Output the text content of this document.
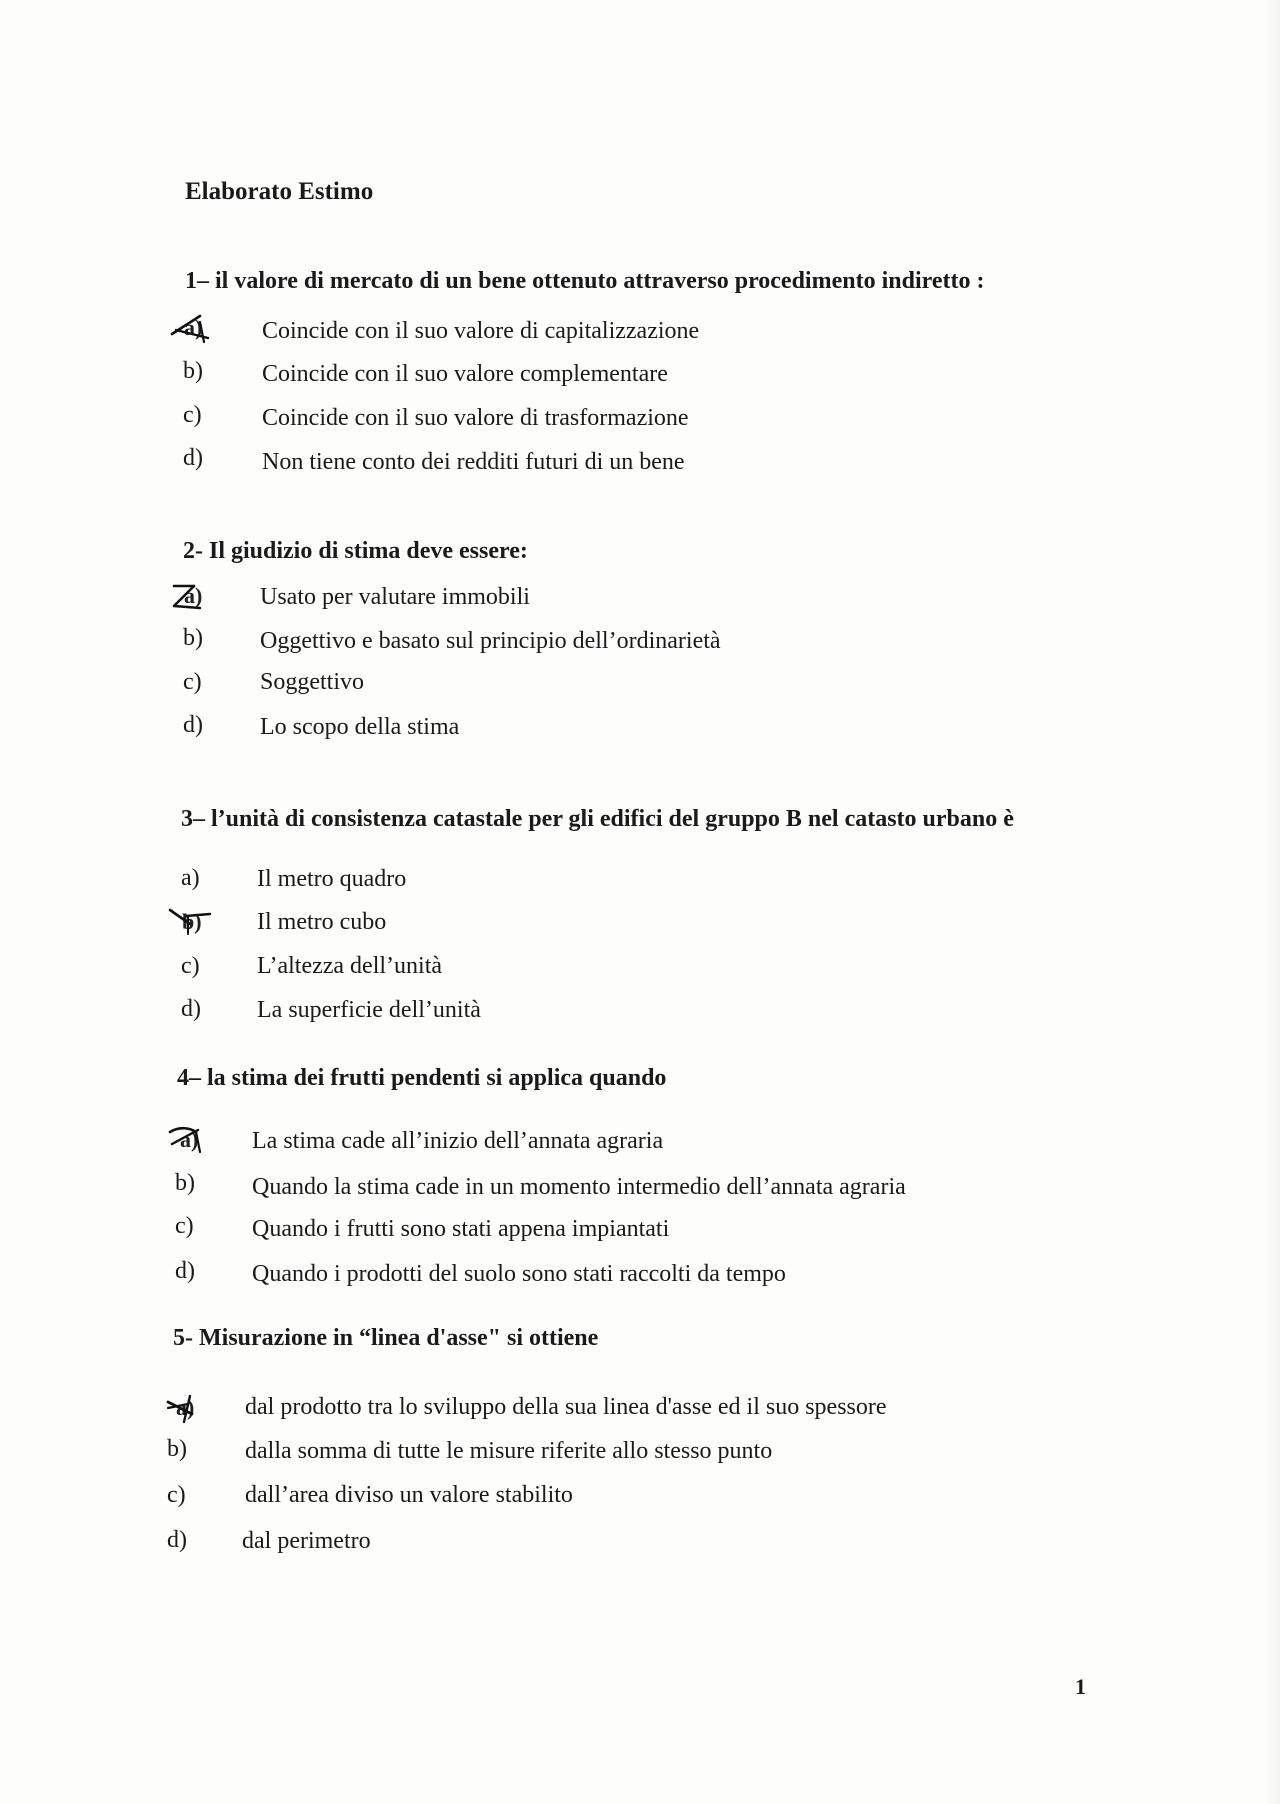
Elaborato Estimo
1– il valore di mercato di un bene ottenuto attraverso procedimento indiretto :
a) Coincide con il suo valore di capitalizzazione
b) Coincide con il suo valore complementare
c)	Coincide con il suo valore di trasformazione
d) Non tiene conto dei redditi futuri di un bene
2- Il giudizio di stima deve essere:
a) Usato per valutare immobili
b) Oggettivo e basato sul principio dell’ordinarietà
c) Soggettivo
d) Lo scopo della stima
3– l’unità di consistenza catastale per gli edifici del gruppo B nel catasto urbano è
a) Il metro quadro
b) Il metro cubo
c) L’altezza dell’unità
d) La superficie dell’unità
4– la stima dei frutti pendenti si applica quando
a) La stima cade all’inizio dell’annata agraria
b) Quando la stima cade in un momento intermedio dell’annata agraria
c) Quando i frutti sono stati appena impiantati
d) Quando i prodotti del suolo sono stati raccolti da tempo
5- Misurazione in “linea d'asse" si ottiene
a) dal prodotto tra lo sviluppo della sua linea d'asse ed il suo spessore
b) dalla somma di tutte le misure riferite allo stesso punto
c) dall’area diviso un valore stabilito
d) dal perimetro
1
